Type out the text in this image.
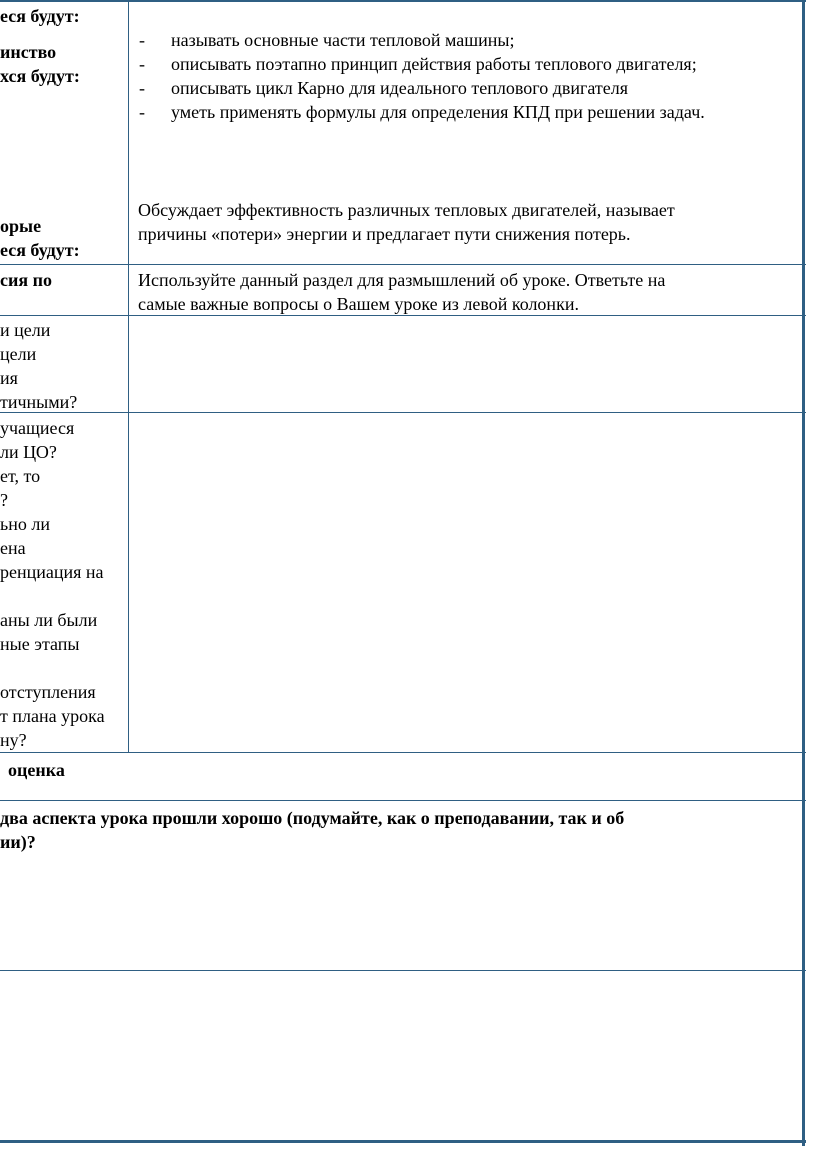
еся будут:
инство
хся будут:
орые
еся будут:
сия по
и цели
цели
ия
тичными?
учащиеся
ли ЦО?
ет, то
?
ьно ли
ена
ренциация на
аны ли были
ные этапы
отступления
т плана урока
ну?
- называть основные части тепловой машины;
- описывать поэтапно принцип действия работы теплового двигателя;
- описывать цикл Карно для идеального теплового двигателя
- уметь применять формулы для определения КПД при решении задач.
Обсуждает эффективность различных тепловых двигателей, называет
причины «потери» энергии и предлагает пути снижения потерь.
Используйте данный раздел для размышлений об уроке. Ответьте на
самые важные вопросы о Вашем уроке из левой колонки.
оценка
два аспекта урока прошли хорошо (подумайте, как о преподавании, так и об
ии)?
